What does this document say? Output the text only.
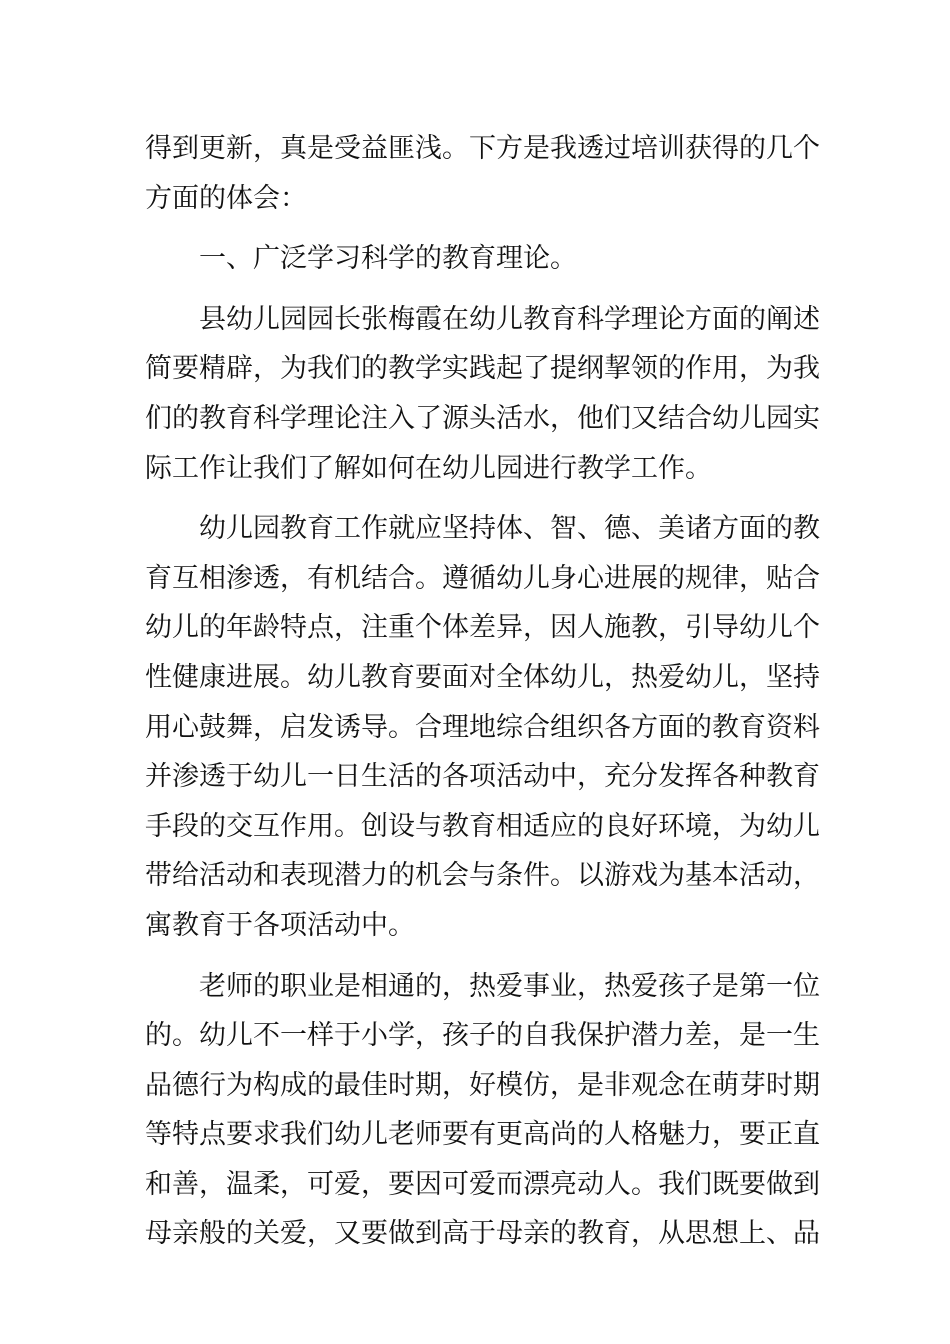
得到更新，真是受益匪浅。下方是我透过培训获得的几个
方面的体会：
一、广泛学习科学的教育理论。
县幼儿园园长张梅霞在幼儿教育科学理论方面的阐述
简要精辟，为我们的教学实践起了提纲挈领的作用，为我
们的教育科学理论注入了源头活水，他们又结合幼儿园实
际工作让我们了解如何在幼儿园进行教学工作。
幼儿园教育工作就应坚持体、智、德、美诸方面的教
育互相渗透，有机结合。遵循幼儿身心进展的规律，贴合
幼儿的年龄特点，注重个体差异，因人施教，引导幼儿个
性健康进展。幼儿教育要面对全体幼儿，热爱幼儿，坚持
用心鼓舞，启发诱导。合理地综合组织各方面的教育资料
并渗透于幼儿一日生活的各项活动中，充分发挥各种教育
手段的交互作用。创设与教育相适应的良好环境，为幼儿
带给活动和表现潜力的机会与条件。以游戏为基本活动，
寓教育于各项活动中。
老师的职业是相通的，热爱事业，热爱孩子是第一位
的。幼儿不一样于小学，孩子的自我保护潜力差，是一生
品德行为构成的最佳时期，好模仿，是非观念在萌芽时期
等特点要求我们幼儿老师要有更高尚的人格魅力，要正直
和善，温柔，可爱，要因可爱而漂亮动人。我们既要做到
母亲般的关爱，又要做到高于母亲的教育，从思想上、品
